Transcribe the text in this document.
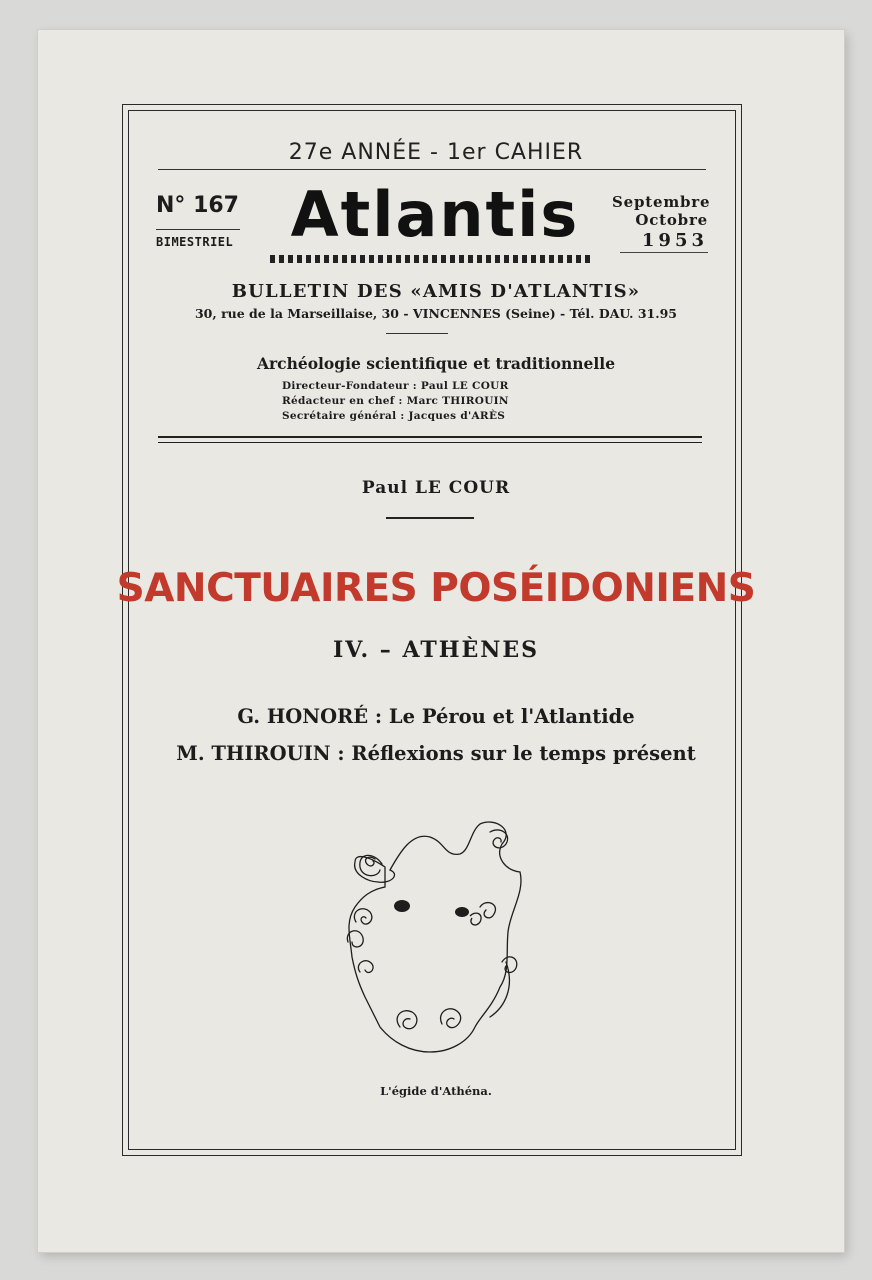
27e ANNÉE - 1er CAHIER
N° 167
BIMESTRIEL Atlantis	Septembre
Octobre
1953
BULLETIN DES «AMIS D'ATLANTIS»
30, rue de la Marseillaise, 30 - VINCENNES (Seine) - Tél. DAU. 31.95
Archéologie scientifique et traditionnelle
Directeur-Fondateur : Paul LE COUR
Rédacteur en chef : Marc THIROUIN
Secrétaire général : Jacques d'ARÈS
Paul LE COUR
SANCTUAIRES POSÉIDONIENS
IV. – ATHÈNES
G. HONORÉ : Le Pérou et l'Atlantide
M. THIROUIN : Réflexions sur le temps présent
L'égide d'Athéna.
